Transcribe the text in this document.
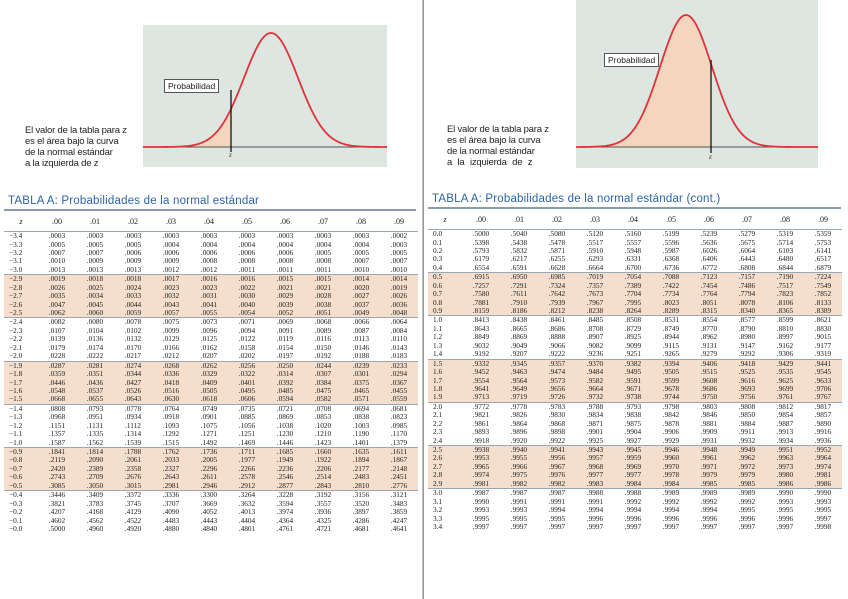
Probabilidad
z
El valor de la tabla para z
es el área bajo la curva
de la normal estándar
a la izquierda de z
TABLA A: Probabilidades de la normal estándar
z	.00	.01	.02	.03	.04	.05	.06	.07	.08	.09
−3.4	.0003	.0003	.0003	.0003	.0003	.0003	.0003	.0003	.0003	.0002
−3.3	.0005	.0005	.0005	.0004	.0004	.0004	.0004	.0004	.0004	.0003
−3.2	.0007	.0007	.0006	.0006	.0006	.0006	.0006	.0005	.0005	.0005
−3.1	.0010	.0009	.0009	.0009	.0008	.0008	.0008	.0008	.0007	.0007
−3.0	.0013	.0013	.0013	.0012	.0012	.0011	.0011	.0011	.0010	.0010
−2.9	.0019	.0018	.0018	.0017	.0016	.0016	.0015	.0015	.0014	.0014
−2.8	.0026	.0025	.0024	.0023	.0023	.0022	.0021	.0021	.0020	.0019
−2.7	.0035	.0034	.0033	.0032	.0031	.0030	.0029	.0028	.0027	.0026
−2.6	.0047	.0045	.0044	.0043	.0041	.0040	.0039	.0038	.0037	.0036
−2.5	.0062	.0060	.0059	.0057	.0055	.0054	.0052	.0051	.0049	.0048
−2.4	.0082	.0080	.0078	.0075	.0073	.0071	.0069	.0068	.0066	.0064
−2.3	.0107	.0104	.0102	.0099	.0096	.0094	.0091	.0089	.0087	.0084
−2.2	.0139	.0136	.0132	.0129	.0125	.0122	.0119	.0116	.0113	.0110
−2.1	.0179	.0174	.0170	.0166	.0162	.0158	.0154	.0150	.0146	.0143
−2.0	.0228	.0222	.0217	.0212	.0207	.0202	.0197	.0192	.0188	.0183
−1.9	.0287	.0281	.0274	.0268	.0262	.0256	.0250	.0244	.0239	.0233
−1.8	.0359	.0351	.0344	.0336	.0329	.0322	.0314	.0307	.0301	.0294
−1.7	.0446	.0436	.0427	.0418	.0409	.0401	.0392	.0384	.0375	.0367
−1.6	.0548	.0537	.0526	.0516	.0505	.0495	.0485	.0475	.0465	.0455
−1.5	.0668	.0655	.0643	.0630	.0618	.0606	.0594	.0582	.0571	.0559
−1.4	.0808	.0793	.0778	.0764	.0749	.0735	.0721	.0708	.0694	.0681
−1.3	.0968	.0951	.0934	.0918	.0901	.0885	.0869	.0853	.0838	.0823
−1.2	.1151	.1131	.1112	.1093	.1075	.1056	.1038	.1020	.1003	.0985
−1.1	.1357	.1335	.1314	.1292	.1271	.1251	.1230	.1210	.1190	.1170
−1.0	.1587	.1562	.1539	.1515	.1492	.1469	.1446	.1423	.1401	.1379
−0.9	.1841	.1814	.1788	.1762	.1736	.1711	.1685	.1660	.1635	.1611
−0.8	.2119	.2090	.2061	.2033	.2005	.1977	.1949	.1922	.1894	.1867
−0.7	.2420	.2389	.2358	.2327	.2296	.2266	.2236	.2206	.2177	.2148
−0.6	.2743	.2709	.2676	.2643	.2611	.2578	.2546	.2514	.2483	.2451
−0.5	.3085	.3050	.3015	.2981	.2946	.2912	.2877	.2843	.2810	.2776
−0.4	.3446	.3409	.3372	.3336	.3300	.3264	.3228	.3192	.3156	.3121
−0.3	.3821	.3783	.3745	.3707	.3669	.3632	.3594	.3557	.3520	.3483
−0.2	.4207	.4168	.4129	.4090	.4052	.4013	.3974	.3936	.3897	.3859
−0.1	.4602	.4562	.4522	.4483	.4443	.4404	.4364	.4325	.4286	.4247
−0.0	.5000	.4960	.4920	.4880	.4840	.4801	.4761	.4721	.4681	.4641
Probabilidad
z
El valor de la tabla para z
es el área bajo la curva
de la normal estándar
a la izquierda de z
TABLA A: Probabilidades de la normal estándar (cont.)
z	.00	.01	.02	.03	.04	.05	.06	.07	.08	.09
0.0	.5000	.5040	.5080	.5120	.5160	.5199	.5239	.5279	.5319	.5359
0.1	.5398	.5438	.5478	.5517	.5557	.5596	.5636	.5675	.5714	.5753
0.2	.5793	.5832	.5871	.5910	.5948	.5987	.6026	.6064	.6103	.6141
0.3	.6179	.6217	.6255	.6293	.6331	.6368	.6406	.6443	.6480	.6517
0.4	.6554	.6591	.6628	.6664	.6700	.6736	.6772	.6808	.6844	.6879
0.5	.6915	.6950	.6985	.7019	.7054	.7088	.7123	.7157	.7190	.7224
0.6	.7257	.7291	.7324	.7357	.7389	.7422	.7454	.7486	.7517	.7549
0.7	.7580	.7611	.7642	.7673	.7704	.7734	.7764	.7794	.7823	.7852
0.8	.7881	.7910	.7939	.7967	.7995	.8023	.8051	.8078	.8106	.8133
0.9	.8159	.8186	.8212	.8238	.8264	.8289	.8315	.8340	.8365	.8389
1.0	.8413	.8438	.8461	.8485	.8508	.8531	.8554	.8577	.8599	.8621
1.1	.8643	.8665	.8686	.8708	.8729	.8749	.8770	.8790	.8810	.8830
1.2	.8849	.8869	.8888	.8907	.8925	.8944	.8962	.8980	.8997	.9015
1.3	.9032	.9049	.9066	.9082	.9099	.9115	.9131	.9147	.9162	.9177
1.4	.9192	.9207	.9222	.9236	.9251	.9265	.9279	.9292	.9306	.9319
1.5	.9332	.9345	.9357	.9370	.9382	.9394	.9406	.9418	.9429	.9441
1.6	.9452	.9463	.9474	.9484	.9495	.9505	.9515	.9525	.9535	.9545
1.7	.9554	.9564	.9573	.9582	.9591	.9599	.9608	.9616	.9625	.9633
1.8	.9641	.9649	.9656	.9664	.9671	.9678	.9686	.9693	.9699	.9706
1.9	.9713	.9719	.9726	.9732	.9738	.9744	.9750	.9756	.9761	.9767
2.0	.9772	.9778	.9783	.9788	.9793	.9798	.9803	.9808	.9812	.9817
2.1	.9821	.9826	.9830	.9834	.9838	.9842	.9846	.9850	.9854	.9857
2.2	.9861	.9864	.9868	.9871	.9875	.9878	.9881	.9884	.9887	.9890
2.3	.9893	.9896	.9898	.9901	.9904	.9906	.9909	.9911	.9913	.9916
2.4	.9918	.9920	.9922	.9925	.9927	.9929	.9931	.9932	.9934	.9936
2.5	.9938	.9940	.9941	.9943	.9945	.9946	.9948	.9949	.9951	.9952
2.6	.9953	.9955	.9956	.9957	.9959	.9960	.9961	.9962	.9963	.9964
2.7	.9965	.9966	.9967	.9968	.9969	.9970	.9971	.9972	.9973	.9974
2.8	.9974	.9975	.9976	.9977	.9977	.9978	.9979	.9979	.9980	.9981
2.9	.9981	.9982	.9982	.9983	.9984	.9984	.9985	.9985	.9986	.9986
3.0	.9987	.9987	.9987	.9988	.9988	.9989	.9989	.9989	.9990	.9990
3.1	.9990	.9991	.9991	.9991	.9992	.9992	.9992	.9992	.9993	.9993
3.2	.9993	.9993	.9994	.9994	.9994	.9994	.9994	.9995	.9995	.9995
3.3	.9995	.9995	.9995	.9996	.9996	.9996	.9996	.9996	.9996	.9997
3.4	.9997	.9997	.9997	.9997	.9997	.9997	.9997	.9997	.9997	.9998
